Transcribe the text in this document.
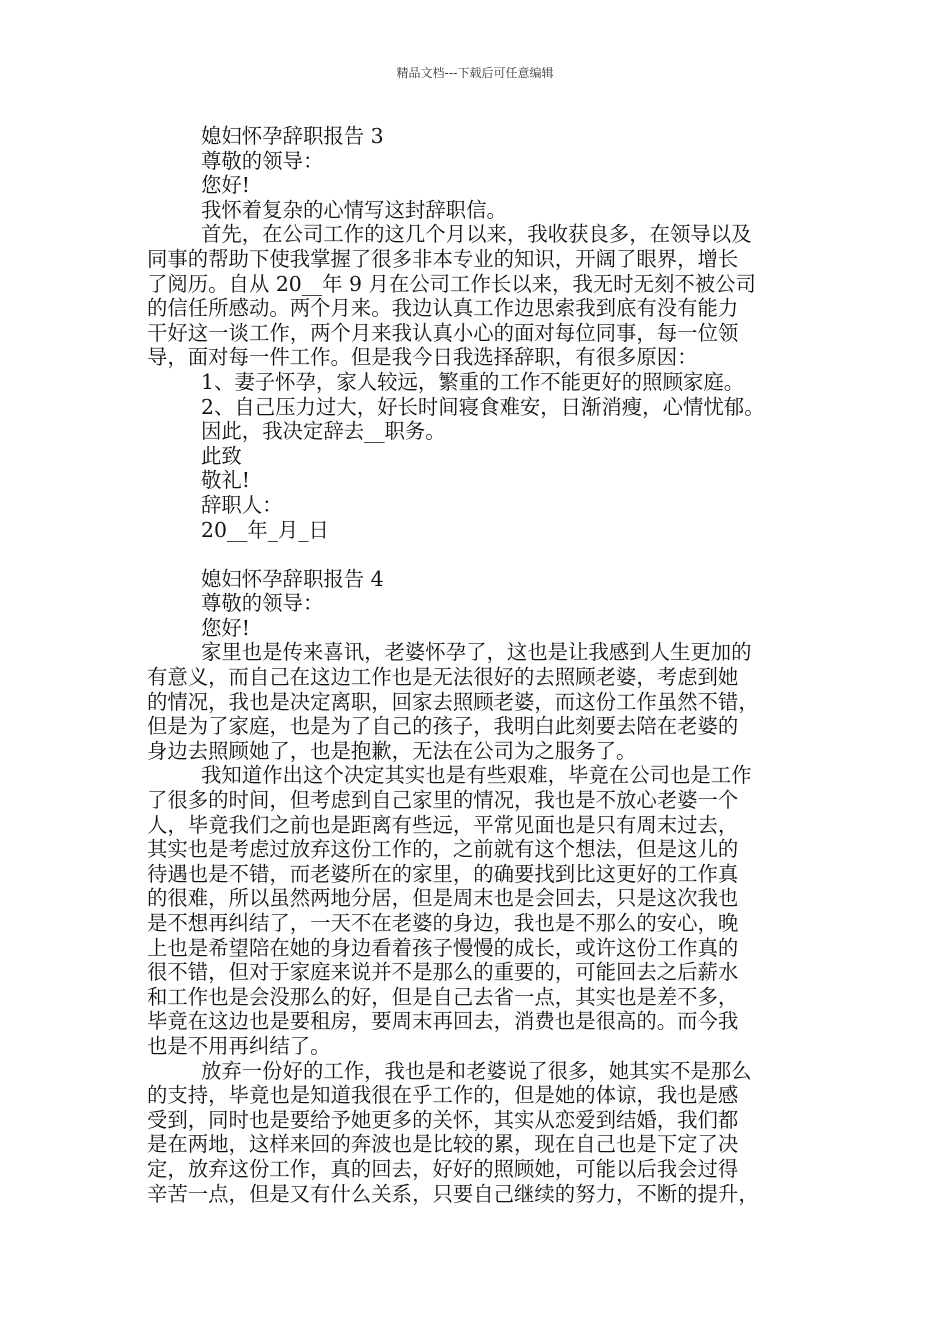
精品文档---下载后可任意编辑
媳妇怀孕辞职报告 3
尊敬的领导：
您好!
我怀着复杂的心情写这封辞职信。
首先，在公司工作的这几个月以来，我收获良多，在领导以及
同事的帮助下使我掌握了很多非本专业的知识，开阔了眼界，增长
了阅历。自从 20__年 9 月在公司工作长以来，我无时无刻不被公司
的信任所感动。两个月来。我边认真工作边思索我到底有没有能力
干好这一谈工作，两个月来我认真小心的面对每位同事，每一位领
导，面对每一件工作。但是我今日我选择辞职，有很多原因：
1、妻子怀孕，家人较远，繁重的工作不能更好的照顾家庭。
2、自己压力过大，好长时间寝食难安，日渐消瘦，心情忧郁。
因此，我决定辞去__职务。
此致
敬礼!
辞职人：
20__年_月_日
媳妇怀孕辞职报告 4
尊敬的领导：
您好!
家里也是传来喜讯，老婆怀孕了，这也是让我感到人生更加的
有意义，而自己在这边工作也是无法很好的去照顾老婆，考虑到她
的情况，我也是决定离职，回家去照顾老婆，而这份工作虽然不错，
但是为了家庭，也是为了自己的孩子，我明白此刻要去陪在老婆的
身边去照顾她了，也是抱歉，无法在公司为之服务了。
我知道作出这个决定其实也是有些艰难，毕竟在公司也是工作
了很多的时间，但考虑到自己家里的情况，我也是不放心老婆一个
人，毕竟我们之前也是距离有些远，平常见面也是只有周末过去，
其实也是考虑过放弃这份工作的，之前就有这个想法，但是这儿的
待遇也是不错，而老婆所在的家里，的确要找到比这更好的工作真
的很难，所以虽然两地分居，但是周末也是会回去，只是这次我也
是不想再纠结了，一天不在老婆的身边，我也是不那么的安心，晚
上也是希望陪在她的身边看着孩子慢慢的成长，或许这份工作真的
很不错，但对于家庭来说并不是那么的重要的，可能回去之后薪水
和工作也是会没那么的好，但是自己去省一点，其实也是差不多，
毕竟在这边也是要租房，要周末再回去，消费也是很高的。而今我
也是不用再纠结了。
放弃一份好的工作，我也是和老婆说了很多，她其实不是那么
的支持，毕竟也是知道我很在乎工作的，但是她的体谅，我也是感
受到，同时也是要给予她更多的关怀，其实从恋爱到结婚，我们都
是在两地，这样来回的奔波也是比较的累，现在自己也是下定了决
定，放弃这份工作，真的回去，好好的照顾她，可能以后我会过得
辛苦一点，但是又有什么关系，只要自己继续的努力，不断的提升，
